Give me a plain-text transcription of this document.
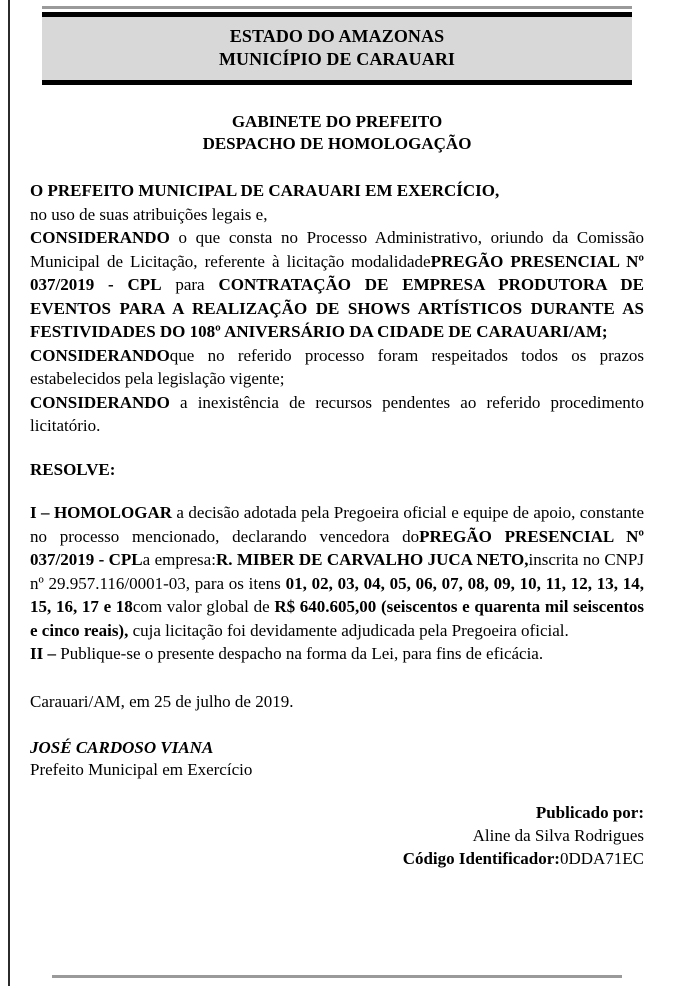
ESTADO DO AMAZONAS
MUNICÍPIO DE CARAUARI
GABINETE DO PREFEITO
DESPACHO DE HOMOLOGAÇÃO

O PREFEITO MUNICIPAL DE CARAUARI EM EXERCÍCIO,
no uso de suas atribuições legais e,

CONSIDERANDO o que consta no Processo Administrativo, oriundo da Comissão Municipal de Licitação, referente à licitação modalidadePREGÃO PRESENCIAL Nº 037/2019 - CPL para CONTRATAÇÃO DE EMPRESA PRODUTORA DE EVENTOS PARA A REALIZAÇÃO DE SHOWS ARTÍSTICOS DURANTE AS FESTIVIDADES DO 108º ANIVERSÁRIO DA CIDADE DE CARAUARI/AM;

CONSIDERANDOque no referido processo foram respeitados todos os prazos estabelecidos pela legislação vigente;

CONSIDERANDO a inexistência de recursos pendentes ao referido procedimento licitatório.

RESOLVE:

I – HOMOLOGAR a decisão adotada pela Pregoeira oficial e equipe de apoio, constante no processo mencionado, declarando vencedora doPREGÃO PRESENCIAL Nº 037/2019 - CPLa empresa:R. MIBER DE CARVALHO JUCA NETO,inscrita no CNPJ nº 29.957.116/0001-03, para os itens 01, 02, 03, 04, 05, 06, 07, 08, 09, 10, 11, 12, 13, 14, 15, 16, 17 e 18com valor global de R$ 640.605,00 (seiscentos e quarenta mil seiscentos e cinco reais), cuja licitação foi devidamente adjudicada pela Pregoeira oficial.

II – Publique-se o presente despacho na forma da Lei, para fins de eficácia.

Carauari/AM, em 25 de julho de 2019.

JOSÉ CARDOSO VIANA

Prefeito Municipal em Exercício

Publicado por:
Aline da Silva Rodrigues
Código Identificador:0DDA71EC
